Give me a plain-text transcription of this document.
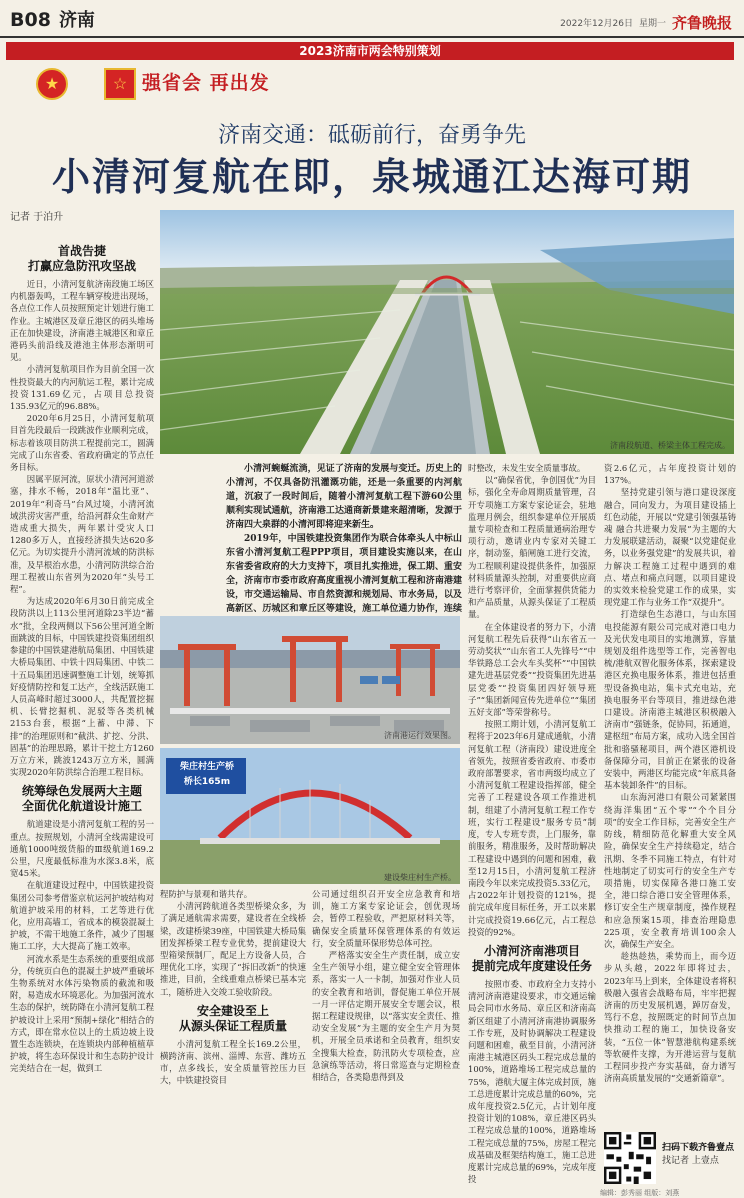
B08 济南	2022年12月26日 星期一 齐鲁晚报
2023济南市两会特别策划
★	☆ 强省会 再出发
济南交通：砥砺前行，奋勇争先
小清河复航在即，泉城通江达海可期
记者 于泊升
济南段航道、桥梁主体工程完成。

小清河蜿蜒流淌，见证了济南的发展与变迁。历史上的小清河，不仅具备防汛灌溉功能，还是一条重要的内河航道，沉寂了一段时间后，随着小清河复航工程下游60公里顺利实现试通航，济南港工达通商新景建来超清晰，发源于济南四大泉群的小清河即将迎来新生。

2019年，中国铁建投资集团作为联合体牵头人中标山东省小清河复航工程PPP项目，项目建设实施以来，在山东省委省政府的大力支持下，项目扎实推进，保工期、重安全，济南市市委市政府高度重视小清河复航工程和济南港建设，市交通运输局、市自然资源和规划局、市水务局，以及高新区、历城区和章丘区等建设，施工单位通力协作，连续

济南港运行效果图。
柴庄村生产桥
桥长165m
建设柴庄村生产桥。
首战告捷
打赢应急防汛攻坚战

近日，小清河复航济南段施工场区内机器轰鸣，工程车辆穿梭进出现场，各点位工作人员按照预定计划进行施工作业。主城港区及章丘港区的码头堆场正在加快建设，济南港主城港区和章丘港码头前沿线及港池主体形态渐明可见。

小清河复航项目作为目前全国一次性投资最大的内河航运工程，累计完成投资131.69亿元，占项目总投资135.93亿元的96.88%。

2020年6月25日，小清河复航项目首先段最后一段跳波作业顺利完成，标志着该项目防洪工程提前完工，圆满完成了山东省委、省政府确定的节点任务目标。

因属平原河流，原状小清河河道淤塞，排水不畅，2018年“温比亚”、2019年“利奇马”台风过境，小清河流域洪涝灾害严重，给沿河群众生命财产造成重大损失，两年累计受灾人口1280多万人，直接经济损失达620多亿元。为切实提升小清河流域的防洪标准，及早根治水患，小清河防洪综合治理工程被山东省列为2020年“头号工程”。

为达成2020年6月30日前完成全段防洪以上113公里河道除23半边“蓄水”批，全段两侧以下56公里河道全断面跳波的目标，中国铁建投资集团组织参建的中国铁建港航局集团、中国铁建大桥局集团、中铁十四局集团、中铁二十五局集团迅速调整施工计划，统筹抓好疫情防控和复工达产，全线活跃施工人员高峰时超过3000人，共配置挖掘机、长臂挖掘机、泥驳等各类机械2153台套，根据“上蓄、中滞、下排”的治理原则和“截洪、扩挖、分洪、固基”的治理思路，累计干挖土方1260万立方米，跳波1243万立方米，圆满实现2020年防洪综合治理工程目标。

统筹绿色发展两大主题
全面优化航道设计施工

航道建设是小清河复航工程的另一重点。按照规划，小清河全线需建设可通航1000吨级货船的Ⅲ级航道169.2公里，尺度最低标准为水深3.8米，底宽45米。

在航道建设过程中，中国铁建投资集团公司参考借鉴京杭运河护坡结构对航道护坡采用的材料，工艺等进行优化，应用高墙工，省成本的模袋混凝土护坡，不需干地施工条件，减少了围堰施工工序，大大提高了施工效率。

河流水系是生态系统的重要组成部分，传统页白色的混凝土护坡严重破坏生物系统对水体污染物质的截流和吸附，易造成水环境恶化。为加强河流水生态的保护，统防降在小清河复航工程护坡设计上采用“预制+绿化”相结合的方式，即在常水位以上的土质边坡上设置生态连锁块，在连锁块内部种植植草护坡，将生态环保设计和生态防护设计完美结合在一起，做到工

程防护与景观和谐共存。

小清河跨航道各类型桥梁众多，为了满足通航需求需要，建设者在全线桥梁，改建桥梁39座，中国铁建大桥局集团发挥桥梁工程专业优势，提前建设大型箱梁预制厂，配足上方设备人员，合理优化工序，实现了“拆旧改新”的快速推进，目前，全线重难点桥梁已基本完工，随桥进入交竣工验收阶段。

安全建设至上
从源头保证工程质量

小清河复航工程全长169.2公里，横跨济南、滨州、淄博、东营、潍坊五市，点多线长，安全质量管控压力巨大，中铁建投资目

公司通过组织召开安全应急教育和培训，施工方案专家论证会，创优现场会，暂停工程验收，严把原材料关等，确保安全质量环保管理体系的有效运行，安全质量环保形势总体可控。

严格落实安全生产责任制，成立安全生产领导小组，建立健全安全管理体系，落实一人一卡制，加强对作业人员的安全教育和培训，督促施工单位开展一月一评估定期开展安全专题会议，根据工程建设规律，以“落实安全责任、推动安全发展”为主题的安全生产月为契机，开展全员承诺和全员教育，组织安全搜集大检查，防汛防火专项检查，应急演练等活动，将日常巡查与定期检查相结合，各类隐患得到及

时整改，未发生安全质量事故。

以“确保省优，争创国优”为目标，强化全寿命周期质量管理，召开专项施工方案专家论证会，驻地监理月例会，组织参建单位开展质量专项检查和工程质量通病治理专项行动，邀请业内专家对关键工序，制动鉴，船闸施工进行交流，为工程顺利建设提供条件，加强原材料质量源头控制，对重要供应商进行考察评价，全面掌握供货能力和产品质量，从源头保证了工程质量。

在全体建设者的努力下，小清河复航工程先后获得“山东省五一劳动奖状”“山东省工人先锋号”“中华铁路总工会火车头奖杯”“中国铁建先进基层党委”“投资集团先进基层党委”“投资集团四好领导班子”“集团新闻宣传先进单位”“集团五好支部”等荣誉称号。

按照工期计划，小清河复航工程将于2023年6月建成通航，小清河复航工程（济南段）建设进度全省领先，按照省委省政府、市委市政府部署要求，省市两级均成立了小清河复航工程建设指挥部，健全完善了工程建设各项工作推进机制，组建了小清河复航工程工作专班，实行工程建设“服务专员”制度，专人专班专责，上门服务，靠前服务，精准服务，及时帮助解决工程建设中遇到的问题和困难，截至12月15日，小清河复航工程济南段今年以来完成投资5.33亿元，占2022年计划投资的121%，提前完成年度目标任务，开工以来累计完成投资19.66亿元，占工程总投资的92%。

小清河济南港项目
提前完成年度建设任务

按照市委、市政府全力支持小清河济南港建设要求，市交通运输局会同市水务局、章丘区和济南高新区组建了小清河济南港协调服务工作专班，及时协调解决工程建设问题和困难，截至目前，小清河济南港主城港区码头工程完成总量的100%，道路堆场工程完成总量的75%，港航大厦主体完成封顶，施工总进度累计完成总量的60%，完成年度投资2.5亿元，占计划年度投资计划的108%，章丘港区码头工程完成总量的100%，道路堆场工程完成总量的75%，房屋工程完成基础及框架结构施工，施工总进度累计完成总量的69%，完成年度投

资2.6亿元，占年度投资计划的137%。

坚持党建引领与港口建设深度融合，同向发力，为项目建设插上红色动能，开展以“党建引领强基铸魂 融合共进聚力发展”为主题的大力发展联建活动，凝聚“以党建促业务，以业务强党建”的发展共识，着力解决工程施工过程中遇到的难点、堵点和痛点问题，以项目建设的实效来检验党建工作的成果，实现党建工作与业务工作“双提升”。

打造绿色生态港口，与山东国电投能源有限公司完成对港口电力及光伏发电项目的实地测算，容量规划及组件选型等工作，完善智电梳/港航双智化服务体系，探索建设港区充换电服务体系，推进包括重型设备换电站，集卡式充电站，充换电服务平台等项目，推进绿色港口建设。济南港主城港区积极融入济南市“强链条，促协同，拓通道，建枢纽”布局方案，成功入选全国首批和骆骚秘项目，两个港区港机设备保障分司，目前正在紧张的设备安装中，两港区均能完成“年底具备基本装卸条件”的目标。

山东海河港口有限公司紧紧围绕海洋集团“五个零”“个个目分项”的安全工作目标，完善安全生产防线，精细防范化解重大安全风险，确保安全生产持续稳定，结合汛期、冬季不同施工特点，有针对性地制定了切实可行的安全生产专项措施，切实保障各港口施工安全，港口综合港口安全管理体系，修订安全生产规章制度，操作规程和应急预案15项，排查治理隐患225项，安全教育培训100余人次，确保生产安全。

趁热趁热，乘势而上，而今迈步从头越，2022年即将过去，2023年马上到来，全体建设者将积极融入强省会战略布局，牢牢把握济南的历史发展机遇，踔厉奋发，笃行不怠，按照既定的时间节点加快推动工程的施工，加快设备安装，“五位一体”智慧港航构建系统等软硬件支撑，为开港运营与复航工程同步投产夯实基础，奋力谱写济南高质量发展的“交通新篇章”。

扫码下载齐鲁壹点
找记者 上壹点
编辑：彭秀丽 组版：刘燕
